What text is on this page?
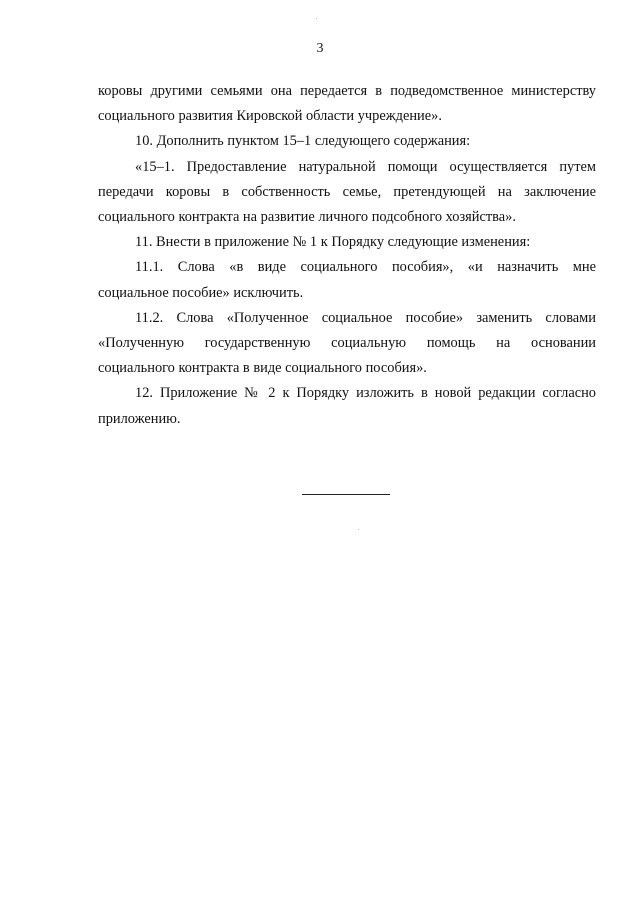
3

коровы другими семьями она передается в подведомственное министерству
социального развития Кировской области учреждение».

10. Дополнить пунктом 15–1 следующего содержания:

«15–1. Предоставление натуральной помощи осуществляется путем
передачи коровы в собственность семье, претендующей на заключение
социального контракта на развитие личного подсобного хозяйства».

11. Внести в приложение № 1 к Порядку следующие изменения:

11.1. Слова «в виде социального пособия», «и назначить мне
социальное пособие» исключить.

11.2. Слова «Полученное социальное пособие» заменить словами
«Полученную государственную социальную помощь на основании
социального контракта в виде социального пособия».

12. Приложение № 2 к Порядку изложить в новой редакции согласно
приложению.
